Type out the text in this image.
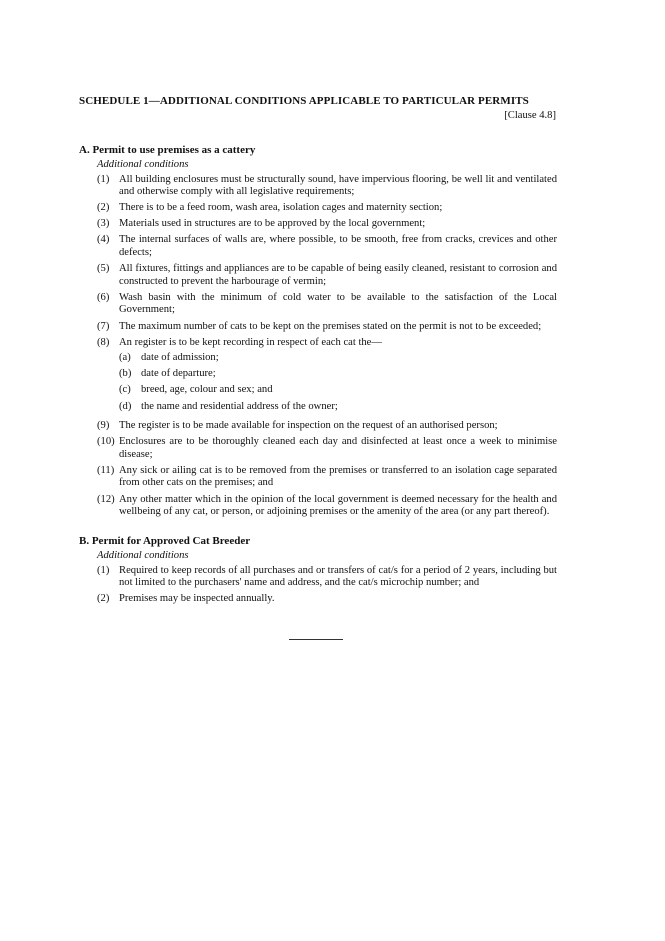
SCHEDULE 1—ADDITIONAL CONDITIONS APPLICABLE TO PARTICULAR PERMITS
[Clause 4.8]
A. Permit to use premises as a cattery
Additional conditions
(1) All building enclosures must be structurally sound, have impervious flooring, be well lit and ventilated and otherwise comply with all legislative requirements;
(2) There is to be a feed room, wash area, isolation cages and maternity section;
(3) Materials used in structures are to be approved by the local government;
(4) The internal surfaces of walls are, where possible, to be smooth, free from cracks, crevices and other defects;
(5) All fixtures, fittings and appliances are to be capable of being easily cleaned, resistant to corrosion and constructed to prevent the harbourage of vermin;
(6) Wash basin with the minimum of cold water to be available to the satisfaction of the Local Government;
(7) The maximum number of cats to be kept on the premises stated on the permit is not to be exceeded;
(8) An register is to be kept recording in respect of each cat the—
(a) date of admission;
(b) date of departure;
(c) breed, age, colour and sex; and
(d) the name and residential address of the owner;
(9) The register is to be made available for inspection on the request of an authorised person;
(10) Enclosures are to be thoroughly cleaned each day and disinfected at least once a week to minimise disease;
(11) Any sick or ailing cat is to be removed from the premises or transferred to an isolation cage separated from other cats on the premises; and
(12) Any other matter which in the opinion of the local government is deemed necessary for the health and wellbeing of any cat, or person, or adjoining premises or the amenity of the area (or any part thereof).
B. Permit for Approved Cat Breeder
Additional conditions
(1) Required to keep records of all purchases and or transfers of cat/s for a period of 2 years, including but not limited to the purchasers' name and address, and the cat/s microchip number; and
(2) Premises may be inspected annually.
